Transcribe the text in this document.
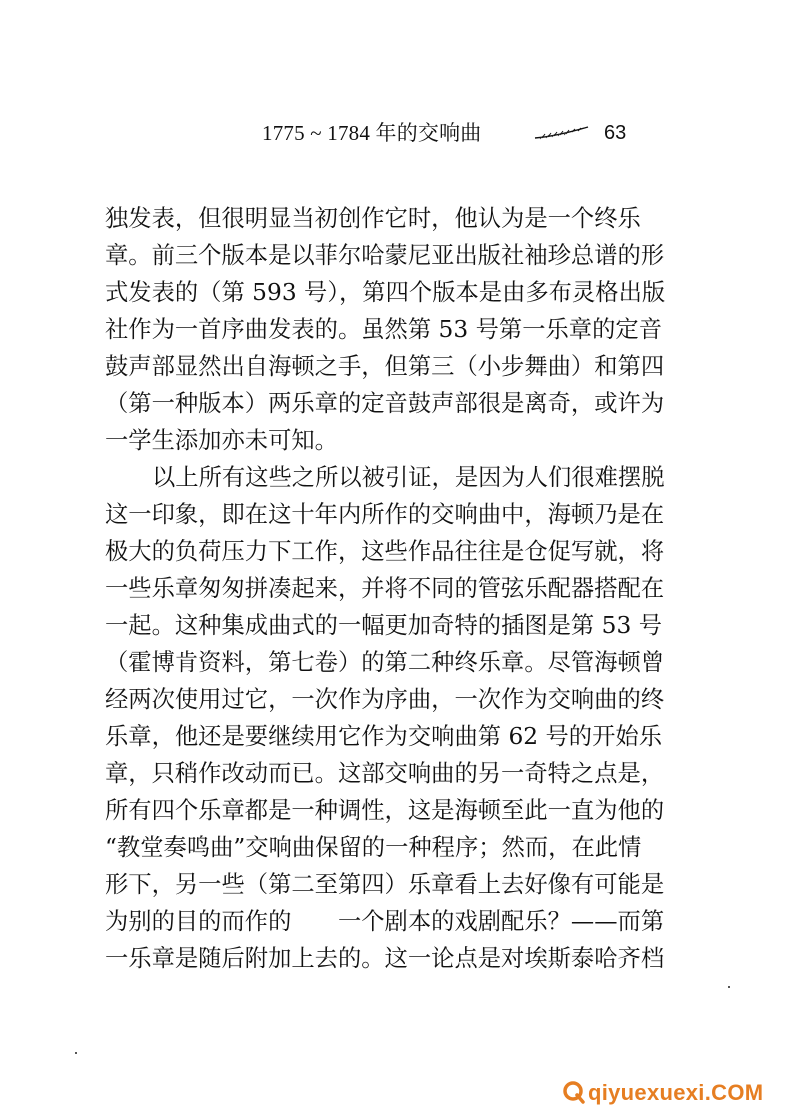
1775 ~ 1784 年的交响曲	63
独发表，但很明显当初创作它时，他认为是一个终乐
章。前三个版本是以菲尔哈蒙尼亚出版社袖珍总谱的形
式发表的（第 593 号），第四个版本是由多布灵格出版
社作为一首序曲发表的。虽然第 53 号第一乐章的定音
鼓声部显然出自海顿之手，但第三（小步舞曲）和第四
（第一种版本）两乐章的定音鼓声部很是离奇，或许为
一学生添加亦未可知。
以上所有这些之所以被引证，是因为人们很难摆脱
这一印象，即在这十年内所作的交响曲中，海顿乃是在
极大的负荷压力下工作，这些作品往往是仓促写就，将
一些乐章匆匆拼凑起来，并将不同的管弦乐配器搭配在
一起。这种集成曲式的一幅更加奇特的插图是第 53 号
（霍博肯资料，第七卷）的第二种终乐章。尽管海顿曾
经两次使用过它，一次作为序曲，一次作为交响曲的终
乐章，他还是要继续用它作为交响曲第 62 号的开始乐
章，只稍作改动而已。这部交响曲的另一奇特之点是，
所有四个乐章都是一种调性，这是海顿至此一直为他的
“教堂奏鸣曲”交响曲保留的一种程序；然而，在此情
形下，另一些（第二至第四）乐章看上去好像有可能是
为别的目的而作的　　一个剧本的戏剧配乐？——而第
一乐章是随后附加上去的。这一论点是对埃斯泰哈齐档
qiyuexuexi.COM
